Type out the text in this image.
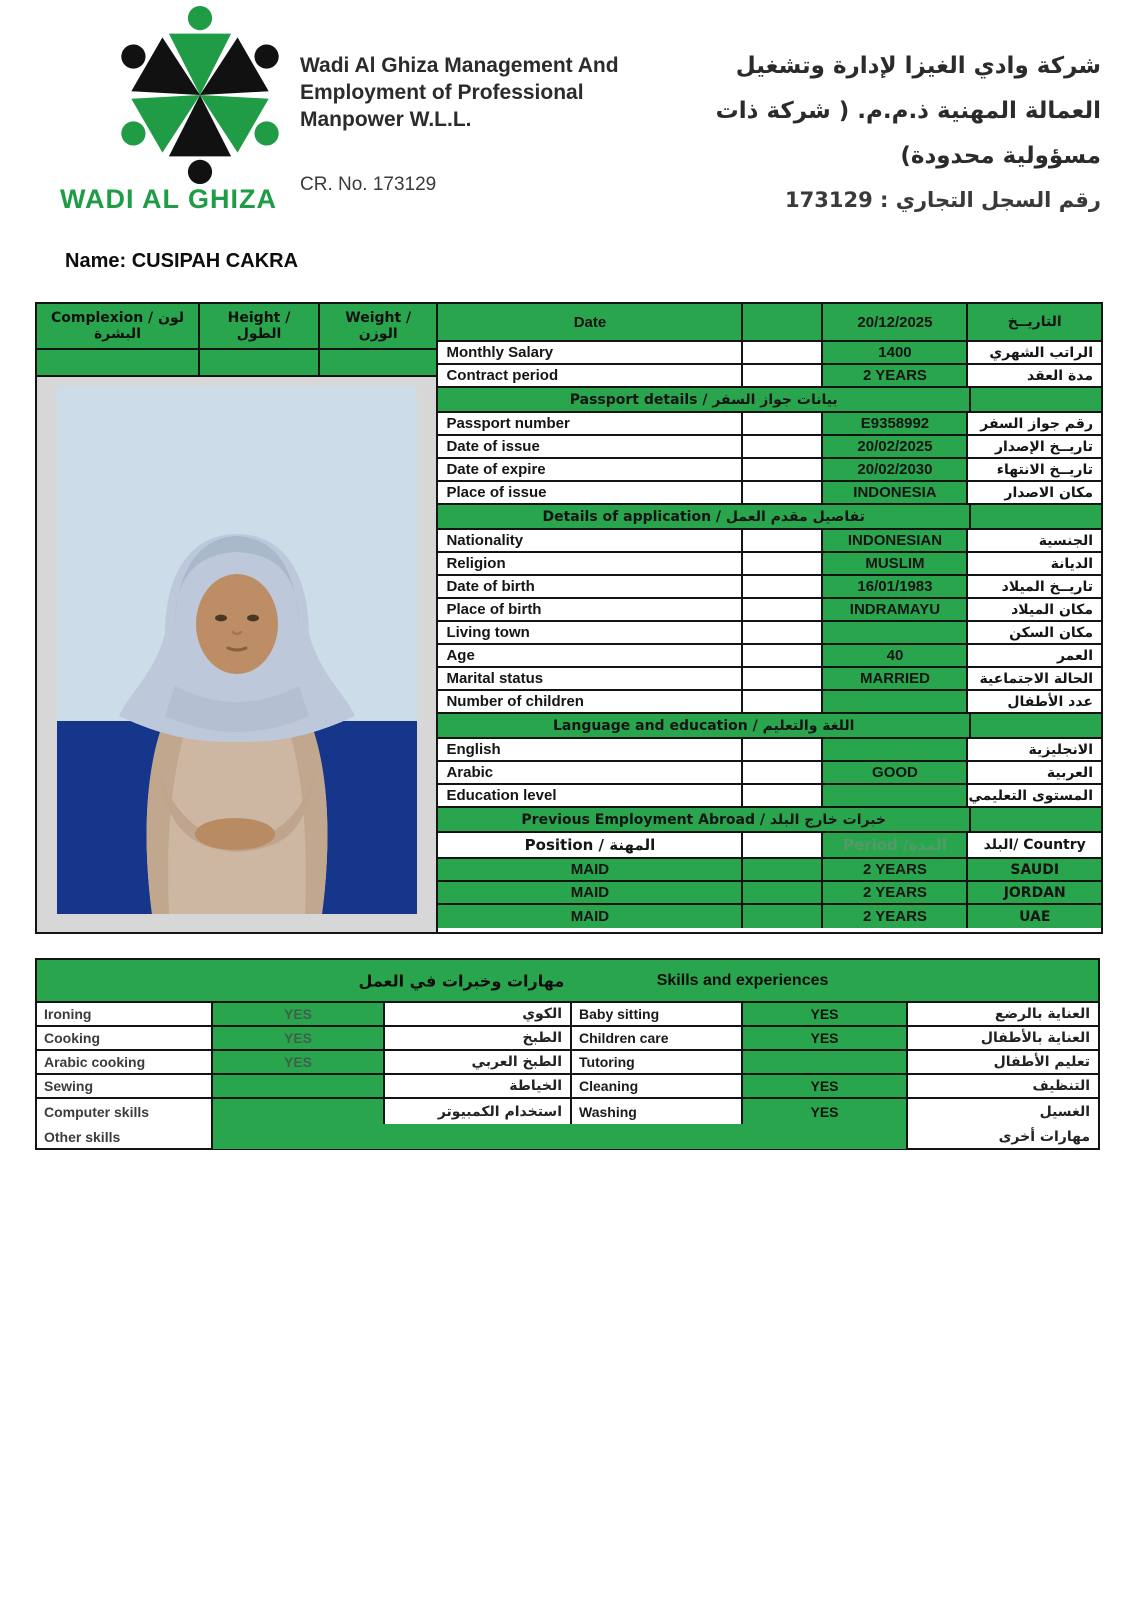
WADI AL GHIZA
Wadi Al Ghiza Management And Employment of Professional Manpower W.L.L.
CR. No. 173129
شركة وادي الغيزا لإدارة وتشغيل العمالة المهنية ذ.م.م. ( شركة ذات مسؤولية محدودة)
رقم السجل التجاري : 173129
Name: CUSIPAH CAKRA
Complexion / لون البشرة
Height / الطول
Weight / الوزن
Date	20/12/2025	التاريــخ
Monthly Salary	1400	الراتب الشهري
Contract period	2 YEARS	مدة العقد
Passport details / بيانات جواز السفر
Passport number	E9358992	رقم جواز السفر
Date of issue	20/02/2025	تاريــخ الإصدار
Date of expire	20/02/2030	تاريــخ الانتهاء
Place of issue	INDONESIA	مكان الاصدار
Details of application / تفاصيل مقدم العمل
Nationality	INDONESIAN	الجنسية
Religion	MUSLIM	الديانة
Date of birth	16/01/1983	تاريــخ الميلاد
Place of birth	INDRAMAYU	مكان الميلاد
Living town	مكان السكن
Age	40	العمر
Marital status	MARRIED	الحالة الاجتماعية
Number of children	عدد الأطفال
Language and education / اللغة والتعليم
English	الانجليزية
Arabic	GOOD	العربية
Education level	المستوى التعليمي
Previous Employment Abroad / خبرات خارج البلد
Position / المهنة	Period /المدة	Country /البلد
MAID	2 YEARS	SAUDI
MAID	2 YEARS	JORDAN
MAID	2 YEARS	UAE
مهارات وخبرات في العمل	Skills and experiences
Ironing	YES	الكوي	Baby sitting	YES	العناية بالرضع
Cooking	YES	الطبخ	Children care	YES	العناية بالأطفال
Arabic cooking	YES	الطبخ العربي	Tutoring	تعليم الأطفال
Sewing	الخياطة	Cleaning	YES	التنظيف
Computer skills	استخدام الكمبيوتر	Washing	YES	الغسيل
Other skills	مهارات أخرى
